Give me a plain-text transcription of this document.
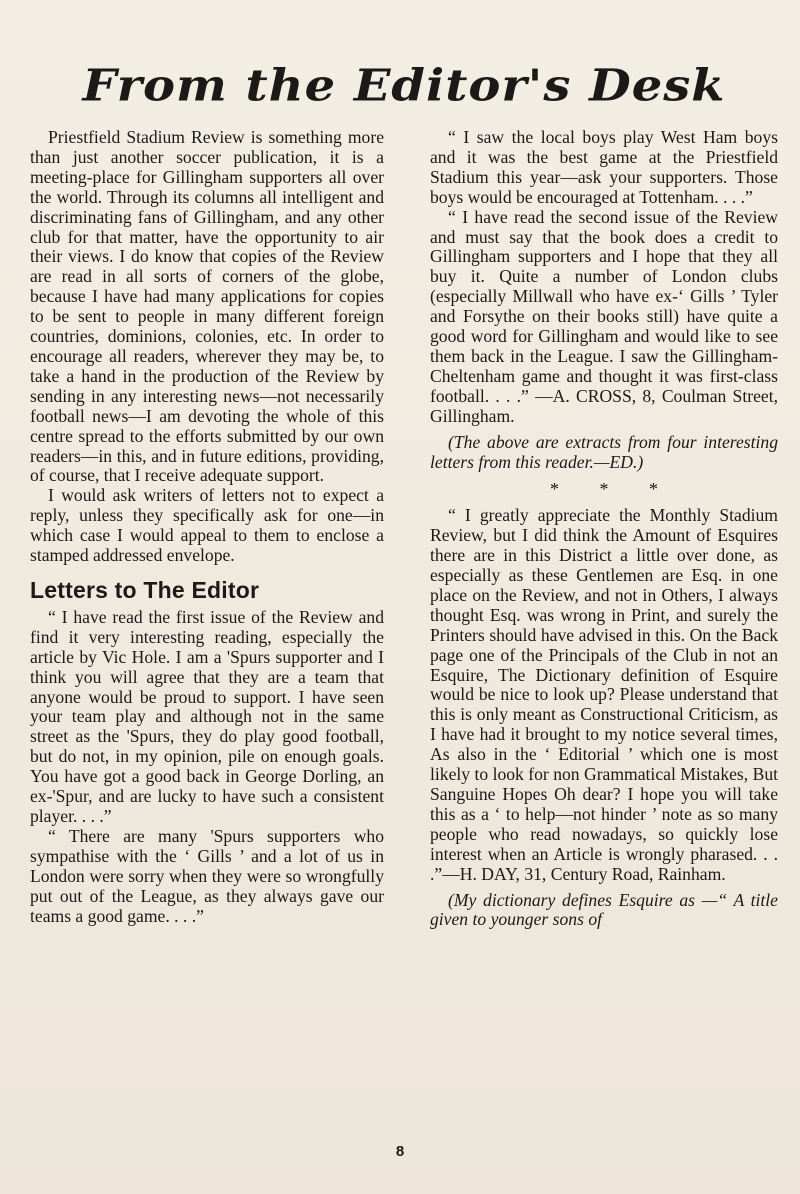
From the Editor's Desk

Priestfield Stadium Review is something more than just another soccer publication, it is a meeting-place for Gillingham supporters all over the world. Through its columns all intelligent and discriminating fans of Gillingham, and any other club for that matter, have the opportunity to air their views. I do know that copies of the Review are read in all sorts of corners of the globe, because I have had many applications for copies to be sent to people in many different foreign countries, dominions, colonies, etc. In order to encourage all readers, wherever they may be, to take a hand in the production of the Review by sending in any interesting news—not necessarily football news—I am devoting the whole of this centre spread to the efforts submitted by our own readers—in this, and in future editions, providing, of course, that I receive adequate support.

I would ask writers of letters not to expect a reply, unless they specifically ask for one—in which case I would appeal to them to enclose a stamped addressed envelope.

Letters to The Editor

“ I have read the first issue of the Review and find it very interesting reading, especially the article by Vic Hole. I am a 'Spurs supporter and I think you will agree that they are a team that anyone would be proud to support. I have seen your team play and although not in the same street as the 'Spurs, they do play good football, but do not, in my opinion, pile on enough goals. You have got a good back in George Dorling, an ex-'Spur, and are lucky to have such a consistent player. . . .”

“ There are many 'Spurs supporters who sympathise with the ‘ Gills ’ and a lot of us in London were sorry when they were so wrongfully put out of the League, as they always gave our teams a good game. . . .”

“ I saw the local boys play West Ham boys and it was the best game at the Priestfield Stadium this year—ask your supporters. Those boys would be encouraged at Tottenham. . . .”

“ I have read the second issue of the Review and must say that the book does a credit to Gillingham supporters and I hope that they all buy it. Quite a number of London clubs (especially Millwall who have ex-‘ Gills ’ Tyler and Forsythe on their books still) have quite a good word for Gillingham and would like to see them back in the League. I saw the Gillingham-Cheltenham game and thought it was first-class football. . . .” —A. CROSS, 8, Coulman Street, Gillingham.

(The above are extracts from four interesting letters from this reader.—ED.)

* * *

“ I greatly appreciate the Monthly Stadium Review, but I did think the Amount of Esquires there are in this District a little over done, as especially as these Gentlemen are Esq. in one place on the Review, and not in Others, I always thought Esq. was wrong in Print, and surely the Printers should have advised in this. On the Back page one of the Principals of the Club in not an Esquire, The Dictionary definition of Esquire would be nice to look up? Please understand that this is only meant as Constructional Criticism, as I have had it brought to my notice several times, As also in the ‘ Editorial ’ which one is most likely to look for non Grammatical Mistakes, But Sanguine Hopes Oh dear? I hope you will take this as a ‘ to help—not hinder ’ note as so many people who read nowadays, so quickly lose interest when an Article is wrongly pharased. . . .”—H. DAY, 31, Century Road, Rainham.

(My dictionary defines Esquire as —“ A title given to younger sons of

8
